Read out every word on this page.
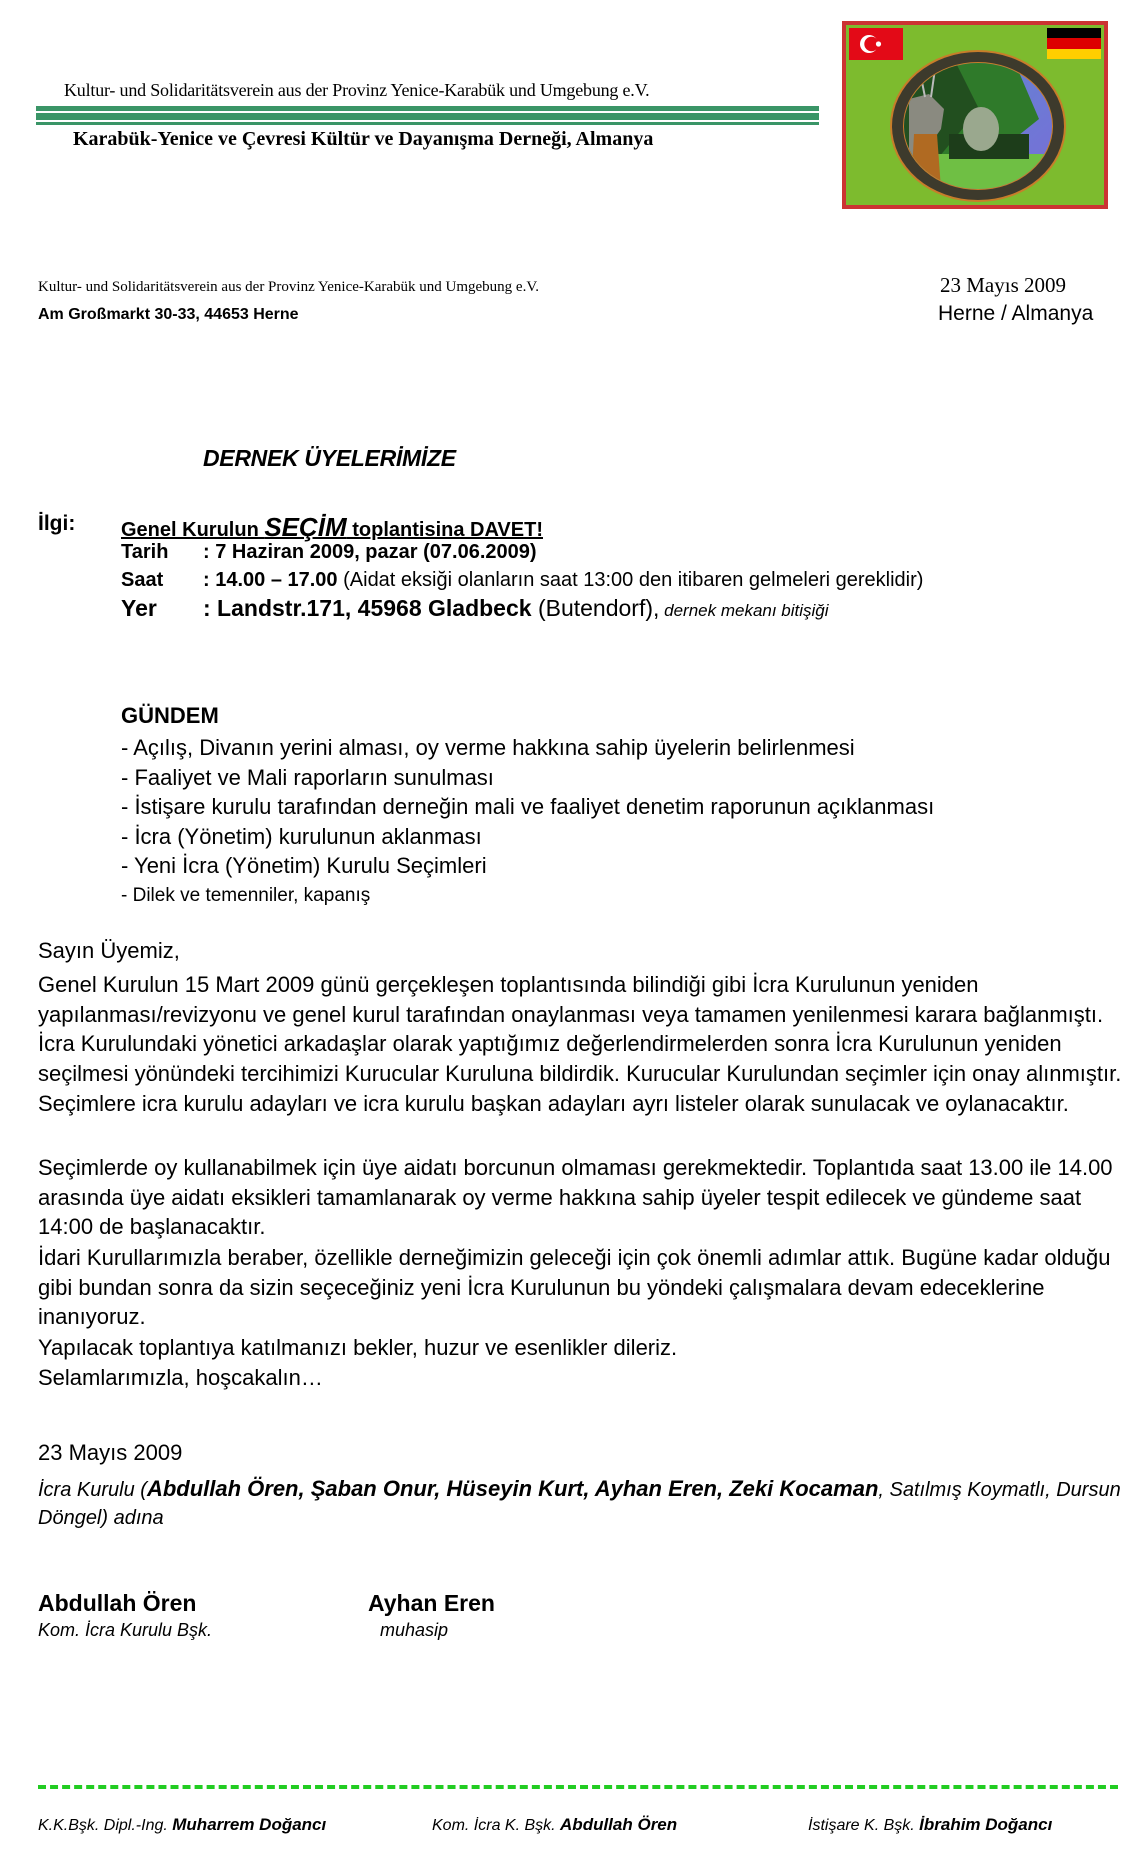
Kultur- und Solidaritätsverein aus der Provinz Yenice-Karabük und Umgebung e.V.
Karabük-Yenice ve Çevresi Kültür ve Dayanışma Derneği, Almanya
Kultur- und Solidaritätsverein aus der Provinz Yenice-Karabük und Umgebung e.V.
Am Großmarkt 30-33, 44653 Herne
23 Mayıs 2009
Herne / Almanya
DERNEK ÜYELERİMİZE
İlgi: Genel Kurulun SEÇİM toplantisina DAVET!
Tarih : 7 Haziran 2009, pazar (07.06.2009)
Saat : 14.00 – 17.00 (Aidat eksiği olanların saat 13:00 den itibaren gelmeleri gereklidir)
Yer : Landstr.171, 45968 Gladbeck (Butendorf), dernek mekanı bitişiği
GÜNDEM
- Açılış, Divanın yerini alması, oy verme hakkına sahip üyelerin belirlenmesi
- Faaliyet ve Mali raporların sunulması
- İstişare kurulu tarafından derneğin mali ve faaliyet denetim raporunun açıklanması
- İcra (Yönetim) kurulunun aklanması
- Yeni İcra (Yönetim) Kurulu Seçimleri
- Dilek ve temenniler, kapanış
Sayın Üyemiz,

Genel Kurulun 15 Mart 2009 günü gerçekleşen toplantısında bilindiği gibi İcra Kurulunun yeniden yapılanması/revizyonu ve genel kurul tarafından onaylanması veya tamamen yenilenmesi karara bağlanmıştı. İcra Kurulundaki yönetici arkadaşlar olarak yaptığımız değerlendirmelerden sonra İcra Kurulunun yeniden seçilmesi yönündeki tercihimizi Kurucular Kuruluna bildirdik. Kurucular Kurulundan seçimler için onay alınmıştır. Seçimlere icra kurulu adayları ve icra kurulu başkan adayları ayrı listeler olarak sunulacak ve oylanacaktır.

Seçimlerde oy kullanabilmek için üye aidatı borcunun olmaması gerekmektedir. Toplantıda saat 13.00 ile 14.00 arasında üye aidatı eksikleri tamamlanarak oy verme hakkına sahip üyeler tespit edilecek ve gündeme saat 14:00 de başlanacaktır.

İdari Kurullarımızla beraber, özellikle derneğimizin geleceği için çok önemli adımlar attık. Bugüne kadar olduğu gibi bundan sonra da sizin seçeceğiniz yeni İcra Kurulunun bu yöndeki çalışmalara devam edeceklerine inanıyoruz.

Yapılacak toplantıya katılmanızı bekler, huzur ve esenlikler dileriz.
Selamlarımızla, hoşcakalın…
23 Mayıs 2009

İcra Kurulu (Abdullah Ören, Şaban Onur, Hüseyin Kurt, Ayhan Eren, Zeki Kocaman, Satılmış Koymatlı, Dursun Döngel) adına

Abdullah Ören
Kom. İcra Kurulu Bşk.
Ayhan Eren
muhasip
K.K.Bşk. Dipl.-Ing. Muharrem Doğancı	Kom. İcra K. Bşk. Abdullah Ören	İstişare K. Bşk. İbrahim Doğancı
